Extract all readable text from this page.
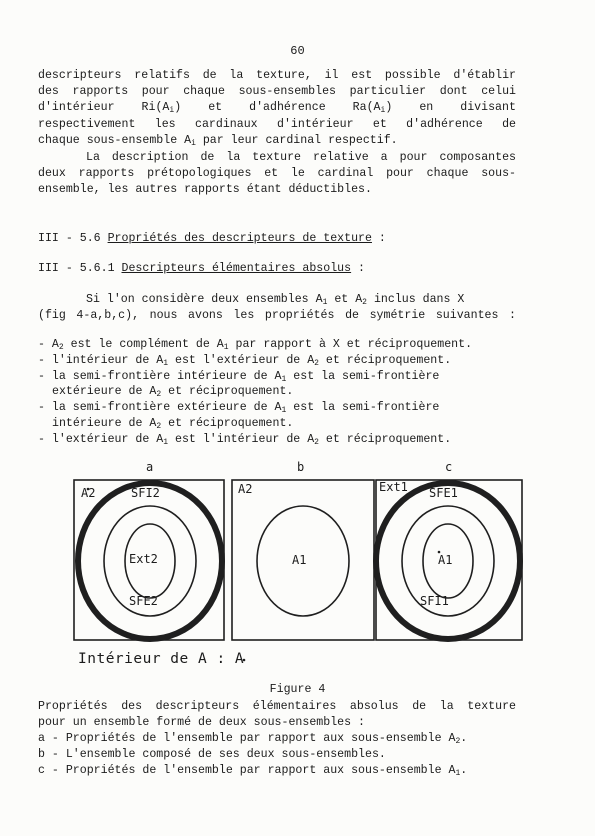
60
descripteurs relatifs de la texture, il est possible d'établir
des rapports pour chaque sous-ensembles particulier dont celui
d'intérieur $Ri(A_i)$ et d'adhérence $Ra(A_i)$ en divisant
respectivement les cardinaux d'intérieur et d'adhérence de
chaque sous-ensemble $A_i$ par leur cardinal respectif.
La description de la texture relative a pour composantes
deux rapports prétopologiques et le cardinal pour chaque sous-
ensemble, les autres rapports étant déductibles.
III - 5.6 Propriétés des descripteurs de texture :
III - 5.6.1 Descripteurs élémentaires absolus :
Si l'on considère deux ensembles $A_1$ et $A_2$ inclus dans X
(fig 4-a,b,c), nous avons les propriétés de symétrie suivantes :
- $A_2$ est le complément de $A_1$ par rapport à X et réciproquement.
- l'intérieur de $A_1$ est l'extérieur de $A_2$ et réciproquement.
- la semi-frontière intérieure de $A_1$ est la semi-frontière
extérieure de $A_2$ et réciproquement.
- la semi-frontière extérieure de $A_1$ est la semi-frontière
intérieure de $A_2$ et réciproquement.
- l'extérieur de $A_1$ est l'intérieur de $A_2$ et réciproquement.
a	b	c
A2	SFI2
Ext2
SFE2
A2
A1
Ext1 SFE1
A1
SFI1
Intérieur de A : A
Figure 4
Propriétés des descripteurs élémentaires absolus de la texture
pour un ensemble formé de deux sous-ensembles :
a - Propriétés de l'ensemble par rapport aux sous-ensemble $A_2$.
b - L'ensemble composé de ses deux sous-ensembles.
c - Propriétés de l'ensemble par rapport aux sous-ensemble $A_1$.
